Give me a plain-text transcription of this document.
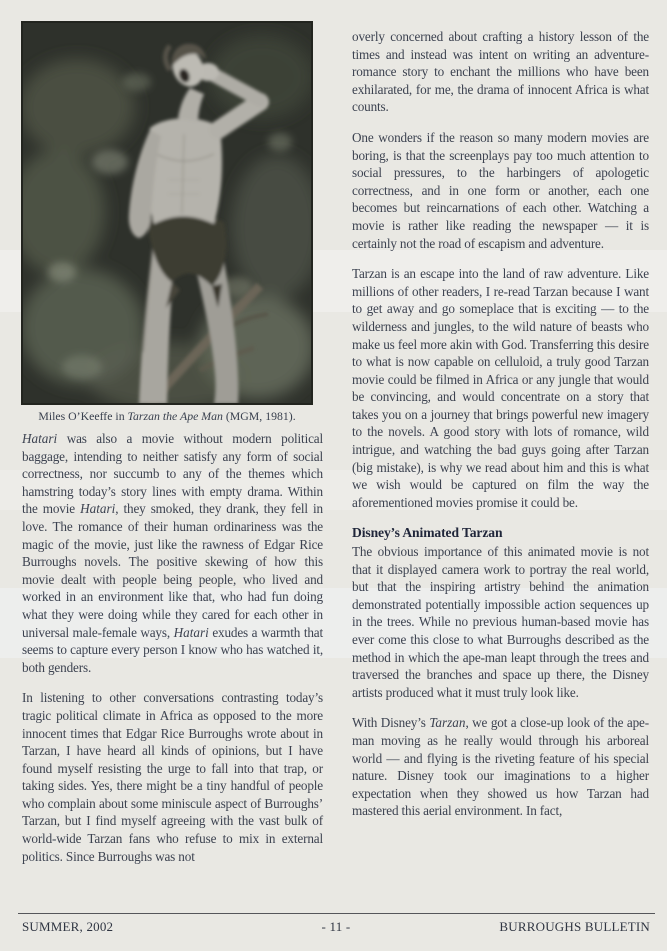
Miles O’Keeffe in Tarzan the Ape Man (MGM, 1981).

Hatari was also a movie without modern political baggage, intending to neither satisfy any form of social correctness, nor succumb to any of the themes which hamstring today’s story lines with empty drama. Within the movie Hatari, they smoked, they drank, they fell in love. The romance of their human ordinariness was the magic of the movie, just like the rawness of Edgar Rice Burroughs novels. The positive skewing of how this movie dealt with people being people, who lived and worked in an environment like that, who had fun doing what they were doing while they cared for each other in universal male-female ways, Hatari exudes a warmth that seems to capture every person I know who has watched it, both genders.

In listening to other conversations contrasting today’s tragic political climate in Africa as opposed to the more innocent times that Edgar Rice Burroughs wrote about in Tarzan, I have heard all kinds of opinions, but I have found myself resisting the urge to fall into that trap, or taking sides. Yes, there might be a tiny handful of people who complain about some miniscule aspect of Burroughs’ Tarzan, but I find myself agreeing with the vast bulk of world-wide Tarzan fans who refuse to mix in external politics. Since Burroughs was not

overly concerned about crafting a history lesson of the times and instead was intent on writing an adventure-romance story to enchant the millions who have been exhilarated, for me, the drama of innocent Africa is what counts.

One wonders if the reason so many modern movies are boring, is that the screenplays pay too much attention to social pressures, to the harbingers of apologetic correctness, and in one form or another, each one becomes but reincarnations of each other. Watching a movie is rather like reading the newspaper — it is certainly not the road of escapism and adventure.

Tarzan is an escape into the land of raw adventure. Like millions of other readers, I re-read Tarzan because I want to get away and go someplace that is exciting — to the wilderness and jungles, to the wild nature of beasts who make us feel more akin with God. Transferring this desire to what is now capable on celluloid, a truly good Tarzan movie could be filmed in Africa or any jungle that would be convincing, and would concentrate on a story that takes you on a journey that brings powerful new imagery to the novels. A good story with lots of romance, wild intrigue, and watching the bad guys going after Tarzan (big mistake), is why we read about him and this is what we wish would be captured on film the way the aforementioned movies promise it could be.

Disney’s Animated Tarzan

The obvious importance of this animated movie is not that it displayed camera work to portray the real world, but that the inspiring artistry behind the animation demonstrated potentially impossible action sequences up in the trees. While no previous human-based movie has ever come this close to what Burroughs described as the method in which the ape-man leapt through the trees and traversed the branches and space up there, the Disney artists produced what it must truly look like.

With Disney’s Tarzan, we got a close-up look of the ape-man moving as he really would through his arboreal world — and flying is the riveting feature of his special nature. Disney took our imaginations to a higher expectation when they showed us how Tarzan had mastered this aerial environment. In fact,

SUMMER, 2002	- 11 -	BURROUGHS BULLETIN
